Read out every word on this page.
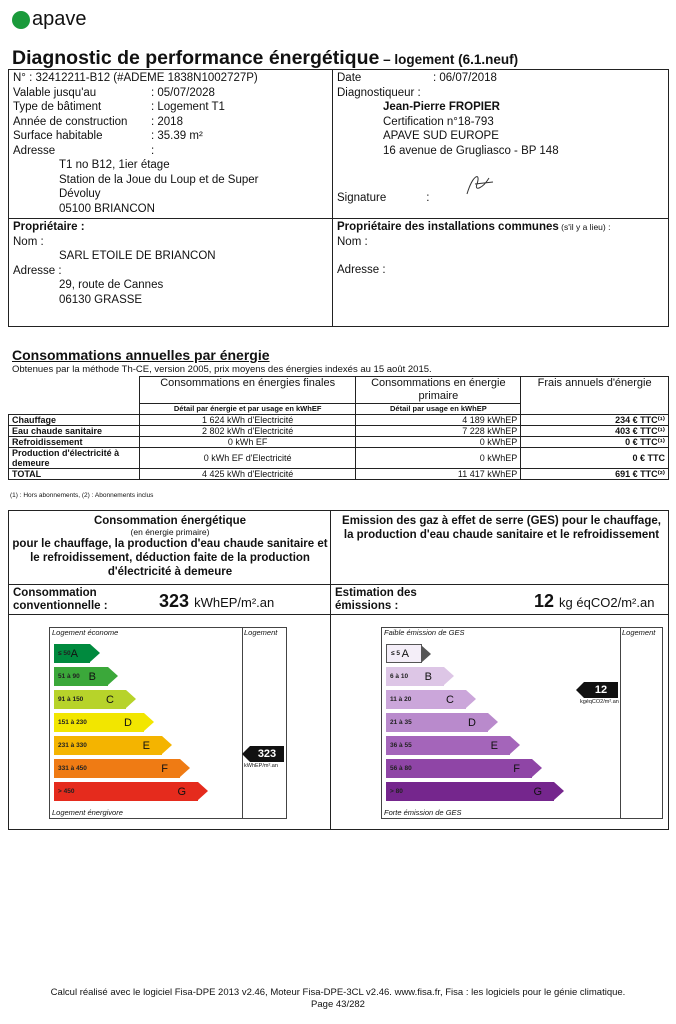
apave
Diagnostic de performance énergétique – logement (6.1.neuf)
N° : 32412211-B12 (#ADEME 1838N1002727P)
Valable jusqu'au	: 05/07/2028
Type de bâtiment	: Logement T1
Année de construction	: 2018
Surface habitable	: 35.39 m²
Adresse	:
T1 no B12, 1ier étage
Station de la Joue du Loup et de Super
Dévoluy
05100 BRIANCON
Date	: 06/07/2018
Diagnostiqueur :
Jean-Pierre FROPIER
Certification n°18-793
APAVE SUD EUROPE
16 avenue de Grugliasco - BP 148
Signature	:
Propriétaire :
Nom :
SARL ETOILE DE BRIANCON
Adresse :
29, route de Cannes
06130 GRASSE
Propriétaire des installations communes (s'il y a lieu) :
Nom :
Adresse :
Consommations annuelles par énergie
Obtenues par la méthode Th-CE, version 2005, prix moyens des énergies indexés au 15 août 2015.
	Consommations en énergies finales	Consommations en énergie primaire	Frais annuels d'énergie
	Détail par énergie et par usage en kWhEF	Détail par usage en kWhEP	
Chauffage	1 624 kWh d'Electricité	4 189 kWhEP	234 € TTC⁽¹⁾
Eau chaude sanitaire	2 802 kWh d'Electricité	7 228 kWhEP	403 € TTC⁽¹⁾
Refroidissement	0 kWh EF	0 kWhEP	0 € TTC⁽¹⁾
Production d'électricité à demeure	0 kWh EF d'Electricité	0 kWhEP	0 € TTC
TOTAL	4 425 kWh d'Electricité	11 417 kWhEP	691 € TTC⁽²⁾
(1) : Hors abonnements, (2) : Abonnements inclus
Consommation énergétique
(en énergie primaire)
pour le chauffage, la production d'eau chaude sanitaire et le refroidissement, déduction faite de la production d'électricité à demeure
Consommation conventionnelle :	323 kWhEP/m².an
Emission des gaz à effet de serre (GES) pour le chauffage, la production d'eau chaude sanitaire et le refroidissement
Estimation des émissions :	12 kg éqCO2/m².an
Logement économe	Logement
Logement énergivore
≤ 50 A
51 à 90 B
91 à 150 C
151 à 230	D
231 à 330	E
331 à 450	F
> 450	G
323
kWhEP/m².an
Faible émission de GES	Logement
Forte émission de GES
≤ 5 A
6 à 10 B
11 à 20	C
21 à 35	D
36 à 55	E
56 à 80	F
> 80	G
12
kgéqCO2/m².an
Calcul réalisé avec le logiciel Fisa-DPE 2013 v2.46, Moteur Fisa-DPE-3CL v2.46. www.fisa.fr, Fisa : les logiciels pour le génie climatique.
Page 43/282
